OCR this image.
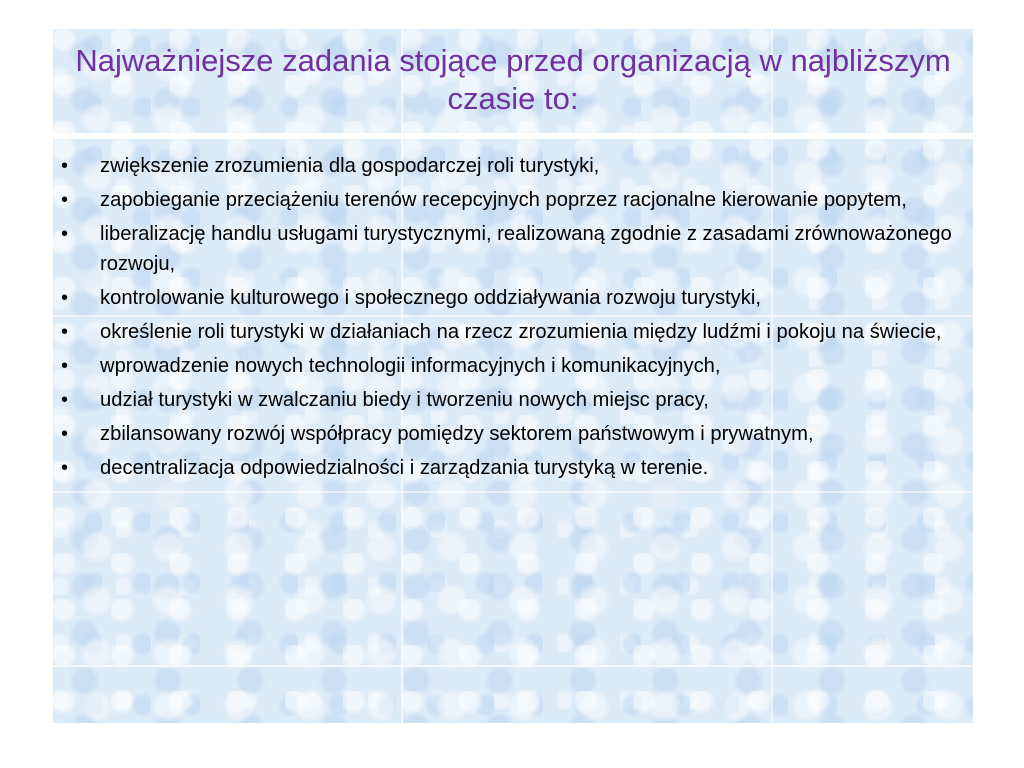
Najważniejsze zadania stojące przed organizacją w najbliższym czasie to:
• zwiększenie zrozumienia dla gospodarczej roli turystyki,
• zapobieganie przeciążeniu terenów recepcyjnych poprzez racjonalne kierowanie popytem,
• liberalizację handlu usługami turystycznymi, realizowaną zgodnie z zasadami zrównoważonego rozwoju,
• kontrolowanie kulturowego i społecznego oddziaływania rozwoju turystyki,
• określenie roli turystyki w działaniach na rzecz zrozumienia między ludźmi i pokoju na świecie,
• wprowadzenie nowych technologii informacyjnych i komunikacyjnych,
• udział turystyki w zwalczaniu biedy i tworzeniu nowych miejsc pracy,
• zbilansowany rozwój współpracy pomiędzy sektorem państwowym i prywatnym,
• decentralizacja odpowiedzialności i zarządzania turystyką w terenie.
